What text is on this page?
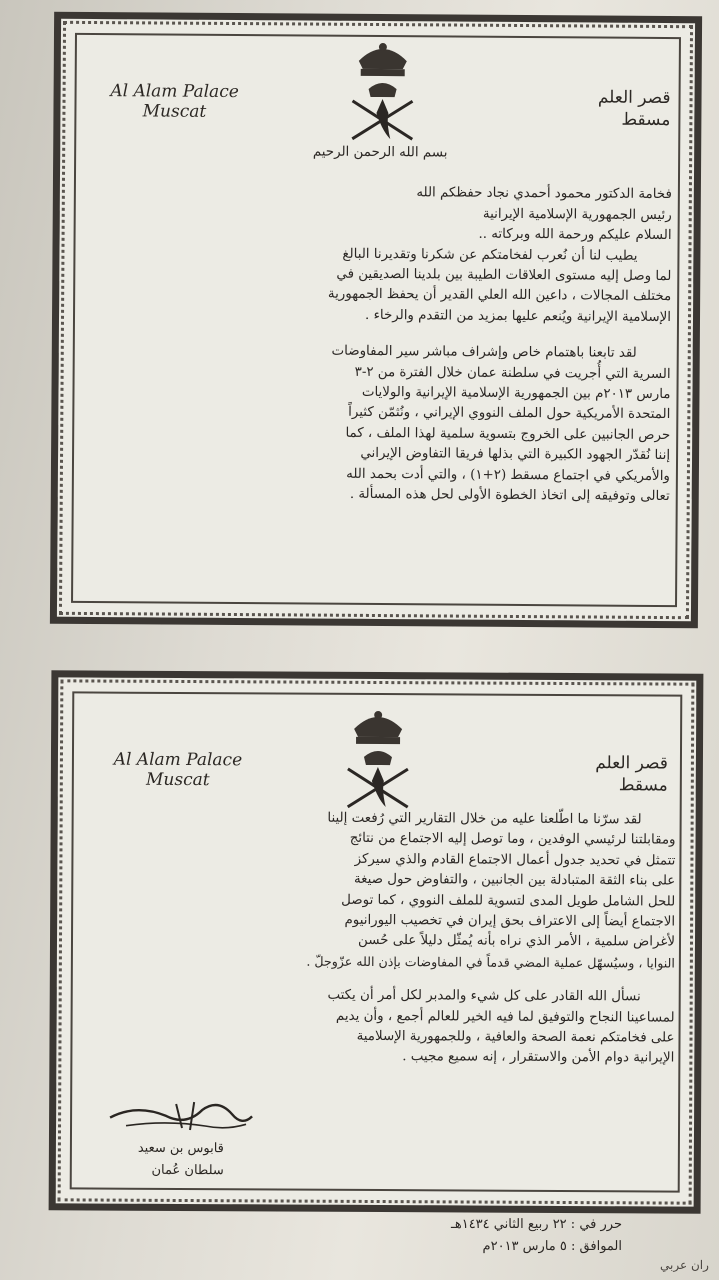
Al Alam Palace
Muscat
قصر العلم
مسقط

بسم الله الرحمن الرحيم

فخامة الدكتور محمود أحمدي نجاد حفظكم الله

رئيس الجمهورية الإسلامية الإيرانية

السلام عليكم ورحمة الله وبركاته ..

يطيب لنا أن نُعرب لفخامتكم عن شكرنا وتقديرنا البالغ

لما وصل إليه مستوى العلاقات الطيبة بين بلدينا الصديقين في

مختلف المجالات ، داعين الله العلي القدير أن يحفظ الجمهورية

الإسلامية الإيرانية ويُنعم عليها بمزيد من التقدم والرخاء .

لقد تابعنا باهتمام خاص وإشراف مباشر سير المفاوضات

السرية التي أُجريت في سلطنة عمان خلال الفترة من ٢-٣

مارس ٢٠١٣م بين الجمهورية الإسلامية الإيرانية والولايات

المتحدة الأمريكية حول الملف النووي الإيراني ، ونُثمّن كثيراً

حرص الجانبين على الخروج بتسوية سلمية لهذا الملف ، كما

إننا نُقدّر الجهود الكبيرة التي بذلها فريقا التفاوض الإيراني

والأمريكي في اجتماع مسقط (٢+١) ، والتي أدت بحمد الله

تعالى وتوفيقه إلى اتخاذ الخطوة الأولى لحل هذه المسألة .

Al Alam Palace
Muscat
قصر العلم
مسقط

لقد سرّنا ما اطّلعنا عليه من خلال التقارير التي رُفعت إلينا

ومقابلتنا لرئيسي الوفدين ، وما توصل إليه الاجتماع من نتائج

تتمثل في تحديد جدول أعمال الاجتماع القادم والذي سيركز

على بناء الثقة المتبادلة بين الجانبين ، والتفاوض حول صيغة

للحل الشامل طويل المدى لتسوية للملف النووي ، كما توصل

الاجتماع أيضاً إلى الاعتراف بحق إيران في تخصيب اليورانيوم

لأغراض سلمية ، الأمر الذي نراه بأنه يُمثّل دليلاً على حُسن

النوايا ، وسيُسهّل عملية المضي قدماً في المفاوضات بإذن الله عزّوجلّ .

نسأل الله القادر على كل شيء والمدبر لكل أمر أن يكتب

لمساعينا النجاح والتوفيق لما فيه الخير للعالم أجمع ، وأن يديم

على فخامتكم نعمة الصحة والعافية ، وللجمهورية الإسلامية

الإيرانية دوام الأمن والاستقرار ، إنه سميع مجيب .

قابوس بن سعيد
سلطان عُمان
حرر في : ٢٢ ربيع الثاني ١٤٣٤هـ
الموافق : ٥ مارس ٢٠١٣م
ران عربي
